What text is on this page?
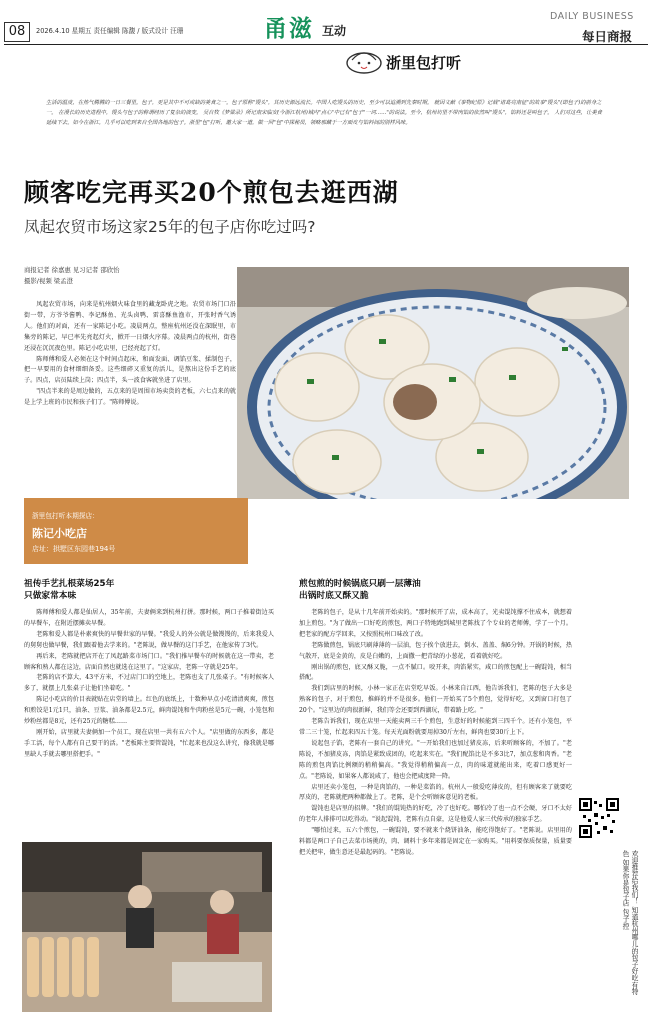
08	2026.4.10 星期五 责任编辑 陈馥 / 版式设计 汪珊	甬滋 互动
浙里包打听
DAILY BUSINESS
每日商报
生活的温度，在热气腾腾的一日三餐里。包子，更是其中不可或缺的美食之一。包子原称"馒头"，其历史源远流长。中国人吃馒头的历史，至少可以追溯到先秦时期。 就因文献《事物纪原》记载"诸葛亮南征"的故事"馒头"(即包子)的前身之一。 在漫长的历史进程中，馒头与包子的称谓经历了复杂的演变。 吴自牧《梦粱录》所记南宋临安(今浙江杭州)城内"点心"中已有"包子"一词……"的说法。至今，杭州坊里不带肉馅的依然叫"馒头"，馅料还是叫包子。 人们对这些，让美食延续下去。如今在浙江，几乎可以吃到来自全国各地的包子。浙里"包"打听，邀大家一道，做一回"包"中探秘员，领略那藏于一方面皮与馅料间的别样风味。
顾客吃完再买20个煎包去逛西湖
凤起农贸市场这家25年的包子店你吃过吗?
商报记者 徐嘉惠 见习记者 邵欣怡
摄影/视频 梁孟澄

凤起农贸市场，向来是杭州烟火味食里的藏龙卧虎之地。农贸市场门口沿街一带，方爷爷酱鸭、李记酥鱼、光头卤鸭、雷喜酥鱼渔市，开张时香气诱人。他们的对面，还有一家陈记小吃。凌晨两点，整座杭州还没在深眠里，市集旁的陈记，早已率先亮起灯火，掀开一日烟火序幕。凌晨两点的杭州，街巷还浸在沉沉夜色里。陈记小吃店里，已经亮起了灯。

陈师傅和爱人必须在这个时间点起床，和面发面、调馅豆浆、揉制包子，把一早要用的食材细细备妥。这些细碎又重复的活儿，是熬出这份手艺的底子。四点，店员陆续上岗；四点半，头一波食客就坐进了店里。

"四点半来的是周边做的，五点来的是周围市场卖货的老板，六七点来的就是上学上班的市民和孩子们了。"陈师傅说。

浙里包打听本期探店：
陈记小吃店
店址：拱墅区东园巷194号
祖传手艺扎根菜场25年
只做家常本味

陈师傅和爱人都是仙居人，35年前，夫妻俩来到杭州打拼。那时候，两口子推着街边买的早餐车，在附近摆摊卖早餐。

老陈和爱人都是朴素爽快的早餐世家的早餐。"我爱人的外公就是做馒馒的，后来我爱人的舅舅也做早餐，我们跟着他去学来的。"老陈说，做早餐的这门手艺，在他家传了3代。

再后来，老陈就把店开在了凤起路菜市场门口。"我们推早餐车的时候就在这一带卖，老顾客和熟人都在这边，店面自然也就选在这里了。"这家店，老陈一守就是25年。

老陈的店不算大，43平方米，不过店门口的空地上，老陈也支了几张桌子。"有时候客人多了，就摆上几张桌子让他们坐着吃。"

陈记小吃店的价目表就贴在店堂的墙上。红色的底纸上，十数种早点小吃清清爽爽，煎包和煎饺是1元1只，油条、豆浆、油条都是2.5元，鲜肉馄饨和牛肉粉丝是5元一碗，小笼包和炒粉丝都是8元，还有25元的糖糕……

刚开始，店里就夫妻俩加一个员工，现在店里一共有五六个人。"店里做的东西多，都是手工活，每个人都有自己要干的活。"老板陈主要管馄饨，"忙起来也没这么讲究，像我就是哪里缺人手就去哪里搭把手。"

煎包煎的时候锅底只刷一层薄油
出锅时底又酥又脆

老陈的包子，是从十几年前开始卖的。"那时候开了店，成本高了，光卖馄饨撑不住成本，就想着加上煎包。"为了做出一口好吃的煎包，两口子特地跑到城里老陈找了个专业的老师傅，学了一个月。把老家的配方学回来，又按照杭州口味改了改。

老陈做煎包，锅底只刷薄薄的一层油，包子挨个放进去，倒水、盖盖、焖6分钟。开锅的时候，热气散开，底是金黄的，皮是白嫩的，上面撒一把青绿的小葱花，看着就好吃。

刚出锅的煎包，底又酥又脆，一点不腻口。咬开来，肉馅紧实，咸口的煎包配上一碗馄饨，相当搭配。

我们到店里的时候，小林一家正在店堂吃早饭。小林来自江西，他告诉我们，老陈的包子大多是熟客的包子，对于煎包，推鲜的并不是很多。他们一开始买了5个煎包，觉得好吃，又到窗口打包了20个。"这里边的肉很新鲜，我们等会还要到西湖玩，带着路上吃。"

老陈告诉我们，现在店里一天能卖两三千个煎包，生意好的时候能到三四千个。还有小笼包，平常二三十笼，忙起来四五十笼。每天光面粉就要用掉30斤左右，鲜肉也要30斤上下。

说起包子馅，老陈有一套自己的讲究。"一开始我们也加过猪皮冻，后来听顾客的，不加了。"老陈说，不加猪皮冻，肉馅是紧致成团的，吃起来实在。"我们配馅比是不多3比7，加点葱和肉香。"老陈的煎包肉馅比例额的稍稍偏高。"我觉得稍稍偏高一点，肉的味道就能出来，吃着口感更好一点。"老陈说，如果客人都说咸了，他也会把咸度降一降。

店里还卖小笼包，一种是肉馅的，一种是菜馅的。杭州人一般爱吃薄皮的，但有顾客来了就要吃厚皮的，老陈就把两种都做上了。老陈，是个会听顾客意见的老板。

馄饨也是店里的招牌。"我们的馄饨热的好吃，冷了也好吃。哪怕冷了也一点不会硬，牙口不太好的老年人排排可以吃得动。"说起馄饨，老陈有点自豪，这是他爱人家三代传承的独家手艺。

"哪怕过来，五六个煎包，一碗馄饨，要不就来个烧饼油条，能吃得饱好了。"老陈说。店里用的料都是两口子自己去菜市场挑的，肉、调料十多年来都是固定在一家购买。"用料要保质保量，质量要把关把牢，做生意还是最起码的。"老陈说。	欢迎推荐给我们！ 知道杭州哪儿的包子好吃有特色 如果你是包子店 包子控
